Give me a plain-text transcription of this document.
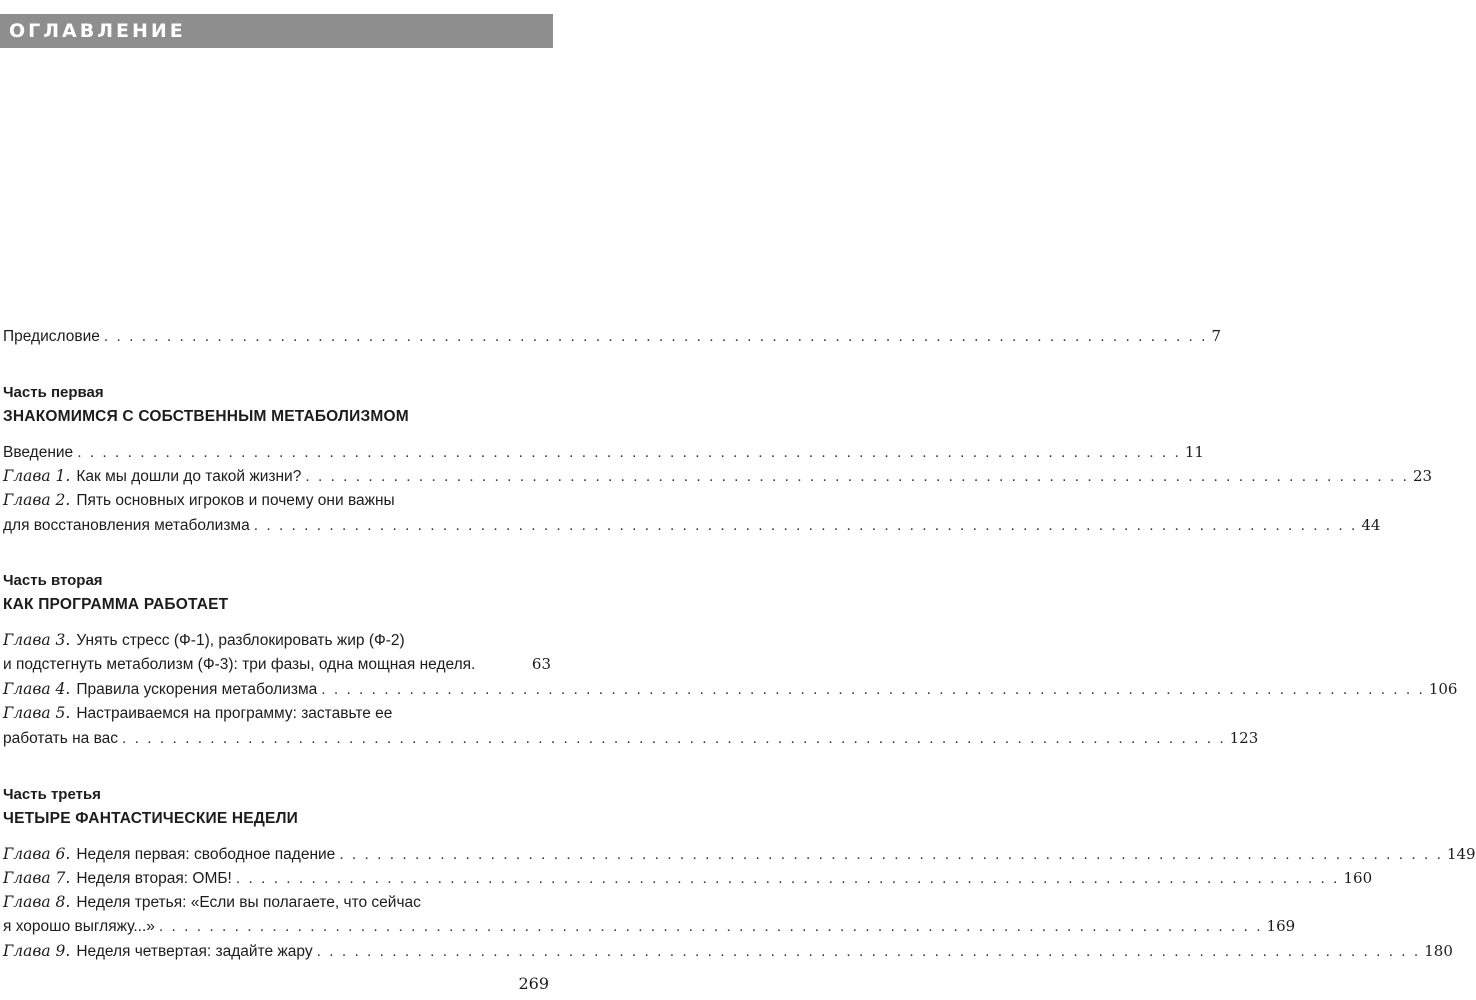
ОГЛАВЛЕНИЕ
Предисловие . . . . . . . . . . . . . . . . . . . . . . . . . . . . . . . . . . . . . . . . . . . . . . . . . . . . . . . . . . . . . . . . . . . . . . . . . . . . . . . . . . . . . . . . 7
Часть первая
ЗНАКОМИМСЯ С СОБСТВЕННЫМ МЕТАБОЛИЗМОМ
Введение . . . . . . . . . . . . . . . . . . . . . . . . . . . . . . . . . . . . . . . . . . . . . . . . . . . . . . . . . . . . . . . . . . . . . . . . . . . . . . . . . . . . . . . . 11
Глава 1. Как мы дошли до такой жизни? . . . . . . . . . . . . . . . . . . . . . . . . . . . . . . . . . . . . . . . . . . . . . . . . . . . . . . . . . . . . . . . . . . . . . . . . . . . . . . . . . . . . . . . . 23
Глава 2. Пять основных игроков и почему они важны
для восстановления метаболизма . . . . . . . . . . . . . . . . . . . . . . . . . . . . . . . . . . . . . . . . . . . . . . . . . . . . . . . . . . . . . . . . . . . . . . . . . . . . . . . . . . . . . . . . 44
Часть вторая
КАК ПРОГРАММА РАБОТАЕТ
Глава 3. Унять стресс (Ф-1), разблокировать жир (Ф-2)
и подстегнуть метаболизм (Ф-3): три фазы, одна мощная неделя.	63
Глава 4. Правила ускорения метаболизма . . . . . . . . . . . . . . . . . . . . . . . . . . . . . . . . . . . . . . . . . . . . . . . . . . . . . . . . . . . . . . . . . . . . . . . . . . . . . . . . . . . . . . . . 106
Глава 5. Настраиваемся на программу: заставьте ее
работать на вас . . . . . . . . . . . . . . . . . . . . . . . . . . . . . . . . . . . . . . . . . . . . . . . . . . . . . . . . . . . . . . . . . . . . . . . . . . . . . . . . . . . . . . . . 123
Часть третья
ЧЕТЫРЕ ФАНТАСТИЧЕСКИЕ НЕДЕЛИ
Глава 6. Неделя первая: свободное падение . . . . . . . . . . . . . . . . . . . . . . . . . . . . . . . . . . . . . . . . . . . . . . . . . . . . . . . . . . . . . . . . . . . . . . . . . . . . . . . . . . . . . . . . 149
Глава 7. Неделя вторая: ОМБ! . . . . . . . . . . . . . . . . . . . . . . . . . . . . . . . . . . . . . . . . . . . . . . . . . . . . . . . . . . . . . . . . . . . . . . . . . . . . . . . . . . . . . . . . 160
Глава 8. Неделя третья: «Если вы полагаете, что сейчас
я хорошо выгляжу...» . . . . . . . . . . . . . . . . . . . . . . . . . . . . . . . . . . . . . . . . . . . . . . . . . . . . . . . . . . . . . . . . . . . . . . . . . . . . . . . . . . . . . . . . 169
Глава 9. Неделя четвертая: задайте жару . . . . . . . . . . . . . . . . . . . . . . . . . . . . . . . . . . . . . . . . . . . . . . . . . . . . . . . . . . . . . . . . . . . . . . . . . . . . . . . . . . . . . . . . 180
269
